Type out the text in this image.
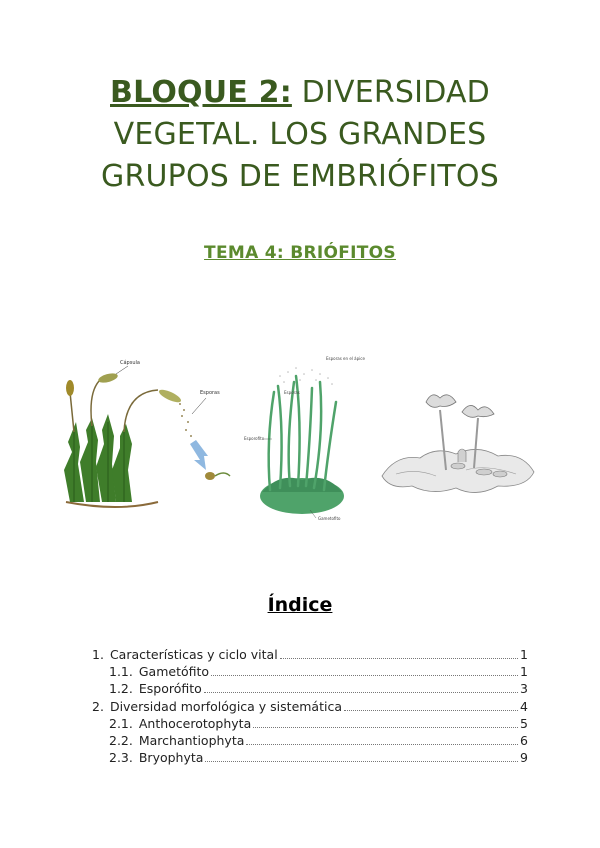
BLOQUE 2: DIVERSIDAD
VEGETAL. LOS GRANDES
GRUPOS DE EMBRIÓFITOS
TEMA 4: BRIÓFITOS
Cápsula
Esporas
Esporas en el ápice
Esporas
Esporofito
Gametofito
Índice
1. Características y ciclo vital	1
1.1. Gametófito	1
1.2. Esporófito	3
2. Diversidad morfológica y sistemática	4
2.1. Anthocerotophyta	5
2.2. Marchantiophyta	6
2.3. Bryophyta	9
